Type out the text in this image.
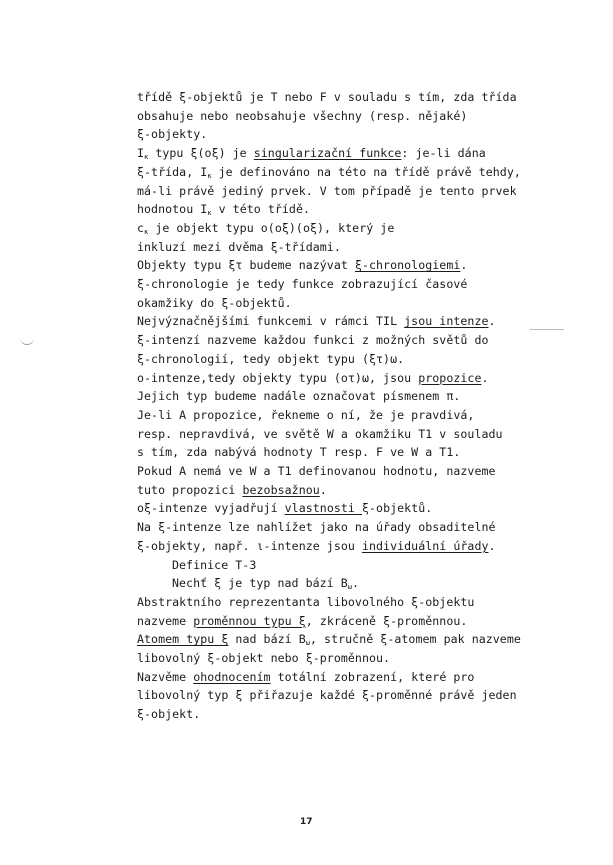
třídě ξ-objektů je T nebo F v souladu s tím, zda třída
obsahuje nebo neobsahuje všechny (resp. nějaké)
ξ-objekty.
$I_\kappa$ typu ξ(oξ) je singularizační funkce: je-li dána
ξ-třída, $I_\kappa$ je definováno na této na třídě právě tehdy,
má-li právě jediný prvek. V tom případě je tento prvek
hodnotou $I_\kappa$ v této třídě.
$c_\kappa$ je objekt typu o(oξ)(oξ), který je
inkluzí mezi dvěma ξ-třídami.
Objekty typu ξτ budeme nazývat ξ-chronologiemi.
ξ-chronologie je tedy funkce zobrazující časové
okamžiky do ξ-objektů.
Nejvýznačnějšími funkcemi v rámci TIL jsou intenze.
ξ-intenzí nazveme každou funkci z možných světů do
ξ-chronologií, tedy objekt typu (ξτ)ω.
o-intenze,tedy objekty typu (oτ)ω, jsou propozice.
Jejich typ budeme nadále označovat písmenem π.
Je-li A propozice, řekneme o ní, že je pravdivá,
resp. nepravdivá, ve světě W a okamžiku T1 v souladu
s tím, zda nabývá hodnoty T resp. F ve W a T1.
Pokud A nemá ve W a T1 definovanou hodnotu, nazveme
tuto propozici bezobsažnou.
oξ-intenze vyjadřují vlastnosti ξ-objektů.
Na ξ-intenze lze nahlížet jako na úřady obsaditelné
ξ-objekty, např. ι-intenze jsou individuální úřady.
Definice T-3
Nechť ξ je typ nad bází $B_\omega$.
Abstraktního reprezentanta libovolného ξ-objektu
nazveme proměnnou typu ξ, zkráceně ξ-proměnnou.
Atomem typu ξ nad bází $B_\omega$, stručně ξ-atomem pak nazveme
libovolný ξ-objekt nebo ξ-proměnnou.
Nazvěme ohodnocením totální zobrazení, které pro
libovolný typ ξ přiřazuje každé ξ-proměnné právě jeden
ξ-objekt.
17
